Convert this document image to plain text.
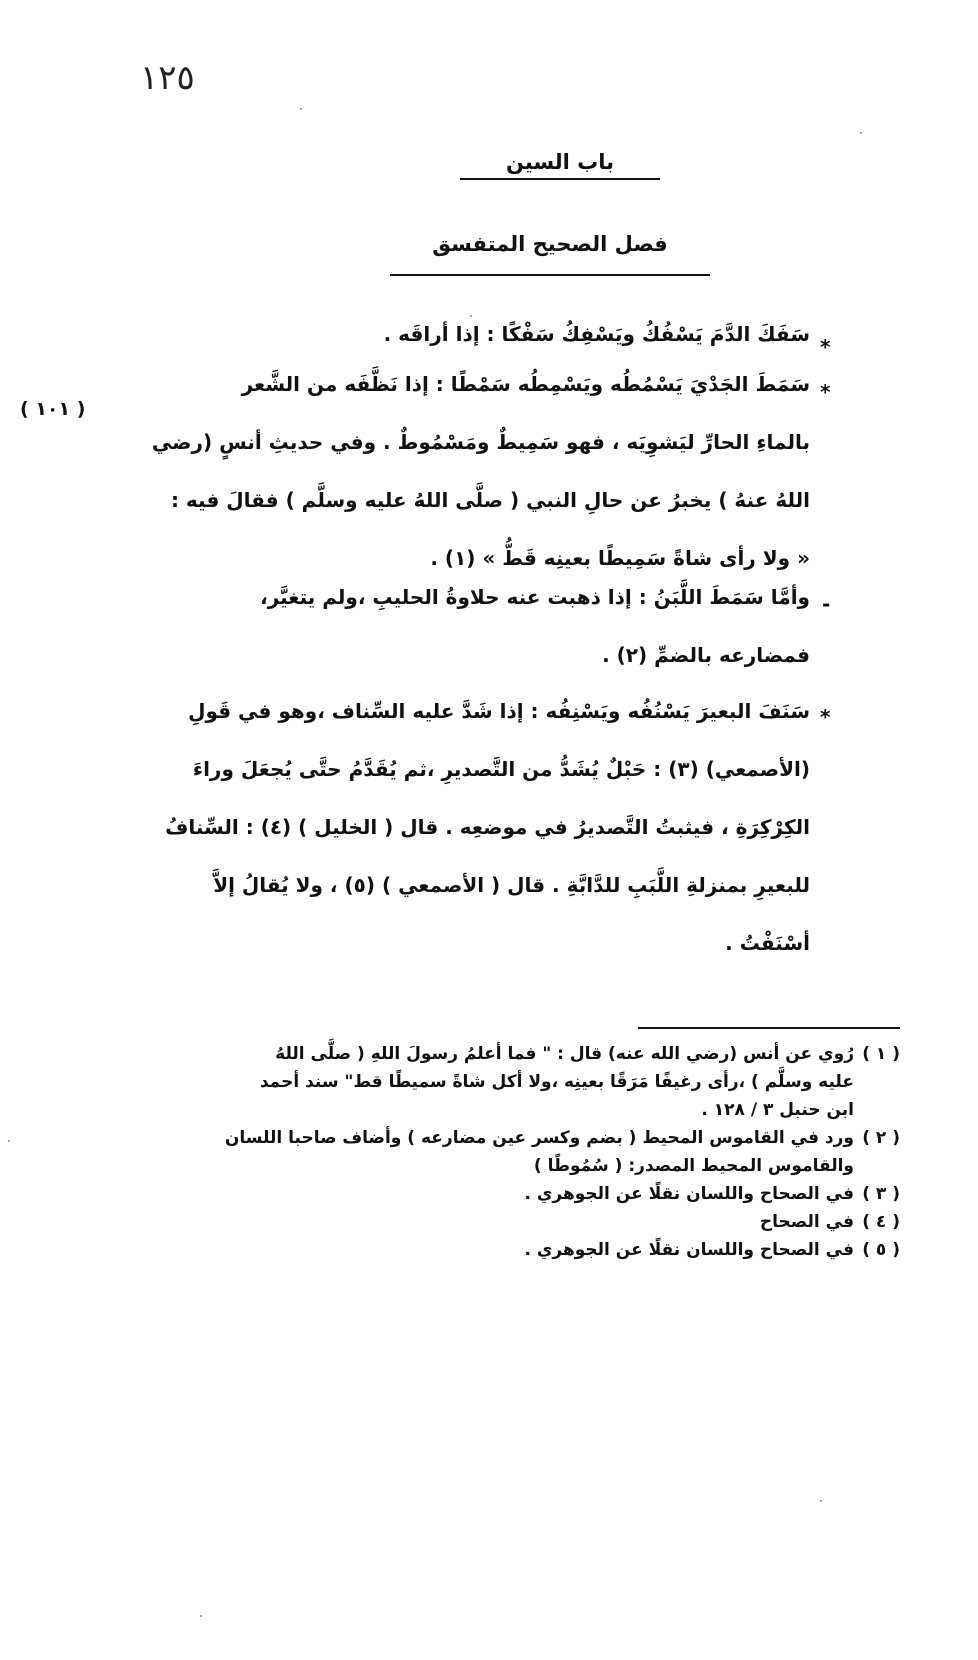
١٢٥
باب السين
فصل الصحيح المتفسق
( ١٠١ )
*
سَفَكَ الدَّمَ يَسْفُكُ ويَسْفِكُ سَفْكًا : إذا أراقَه .
*
سَمَطَ الجَدْيَ يَسْمُطُه ويَسْمِطُه سَمْطًا : إذا نَظَّفَه من الشَّعر
بالماءِ الحارِّ ليَشوِيَه ، فهو سَمِيطٌ ومَسْمُوطٌ . وفي حديثِ أنسٍ (رضي
اللهُ عنهُ ) يخبرُ عن حالِ النبي ( صلَّى اللهُ عليه وسلَّم ) فقالَ فيه :
« ولا رأى شاةً سَمِيطًا بعينِه قَطُّ » (١) .
-
وأمَّا سَمَطَ اللَّبَنُ : إذا ذهبت عنه حلاوةُ الحليبِ ،ولم يتغيَّر،
فمضارعه بالضمِّ (٢) .
*
سَنَفَ البعيرَ يَسْنُفُه ويَسْنِفُه : إذا شَدَّ عليه السِّناف ،وهو في قَولِ
(الأصمعي) (٣) : حَبْلٌ يُشَدُّ من التَّصديرِ ،ثم يُقَدَّمُ حتَّى يُجعَلَ وراءَ
الكِرْكِرَةِ ، فيثبتُ التَّصديرُ في موضعِه . قال ( الخليل ) (٤) : السِّنافُ
للبعيرِ بمنزلةِ اللَّبَبِ للدَّابَّةِ . قال ( الأصمعي ) (٥) ، ولا يُقالُ إلاَّ
أسْنَفْتُ .
( ١ )رُوي عن أنس (رضي الله عنه) قال : " فما أعلمُ رسولَ اللهِ ( صلَّى اللهُ
عليه وسلَّم ) ،رأى رغيفًا مَرَقًا بعينِه ،ولا أكل شاةً سميطًا قط" سند أحمد
ابن حنبل ٣ / ١٢٨ .
( ٢ )ورد في القاموس المحيط ( بضم وكسر عين مضارعه ) وأضاف صاحبا اللسان
والقاموس المحيط المصدر: ( سُمُوطًا )
( ٣ )في الصحاح واللسان نقلًا عن الجوهري .
( ٤ )في الصحاح
( ٥ )في الصحاح واللسان نقلًا عن الجوهري .
